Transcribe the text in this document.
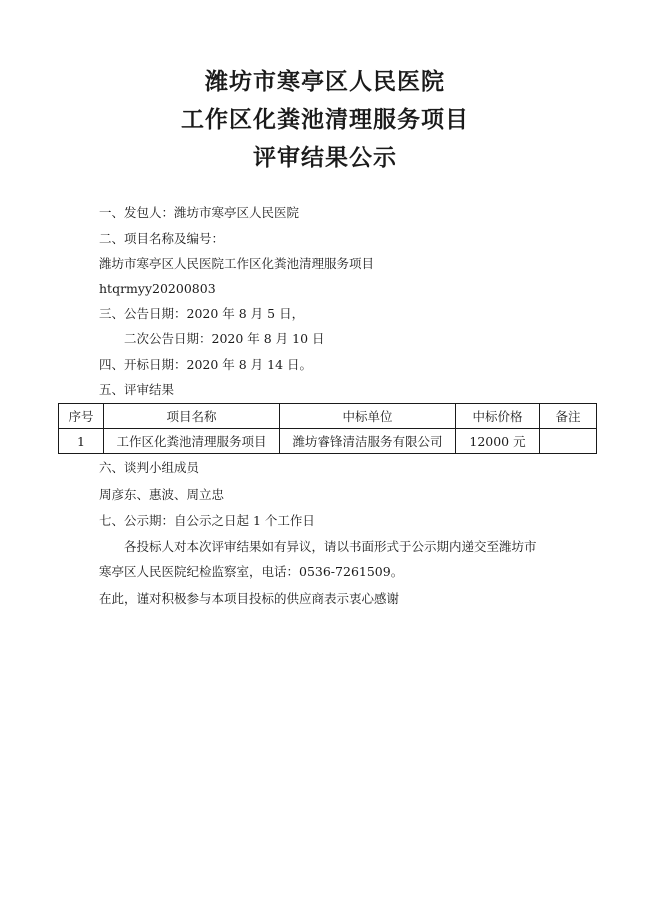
潍坊市寒亭区人民医院
工作区化粪池清理服务项目
评审结果公示
一、发包人：潍坊市寒亭区人民医院
二、项目名称及编号：
潍坊市寒亭区人民医院工作区化粪池清理服务项目
htqrmyy20200803
三、公告日期：2020 年 8 月 5 日，
二次公告日期：2020 年 8 月 10 日
四、开标日期：2020 年 8 月 14 日。
五、评审结果
序号	项目名称	中标单位	中标价格	备注
1	工作区化粪池清理服务项目	潍坊睿锋清洁服务有限公司	12000 元	
六、谈判小组成员
周彦东、惠波、周立忠
七、公示期：自公示之日起 1 个工作日
各投标人对本次评审结果如有异议，请以书面形式于公示期内递交至潍坊市
寒亭区人民医院纪检监察室，电话：0536-7261509。
在此，谨对积极参与本项目投标的供应商表示衷心感谢
